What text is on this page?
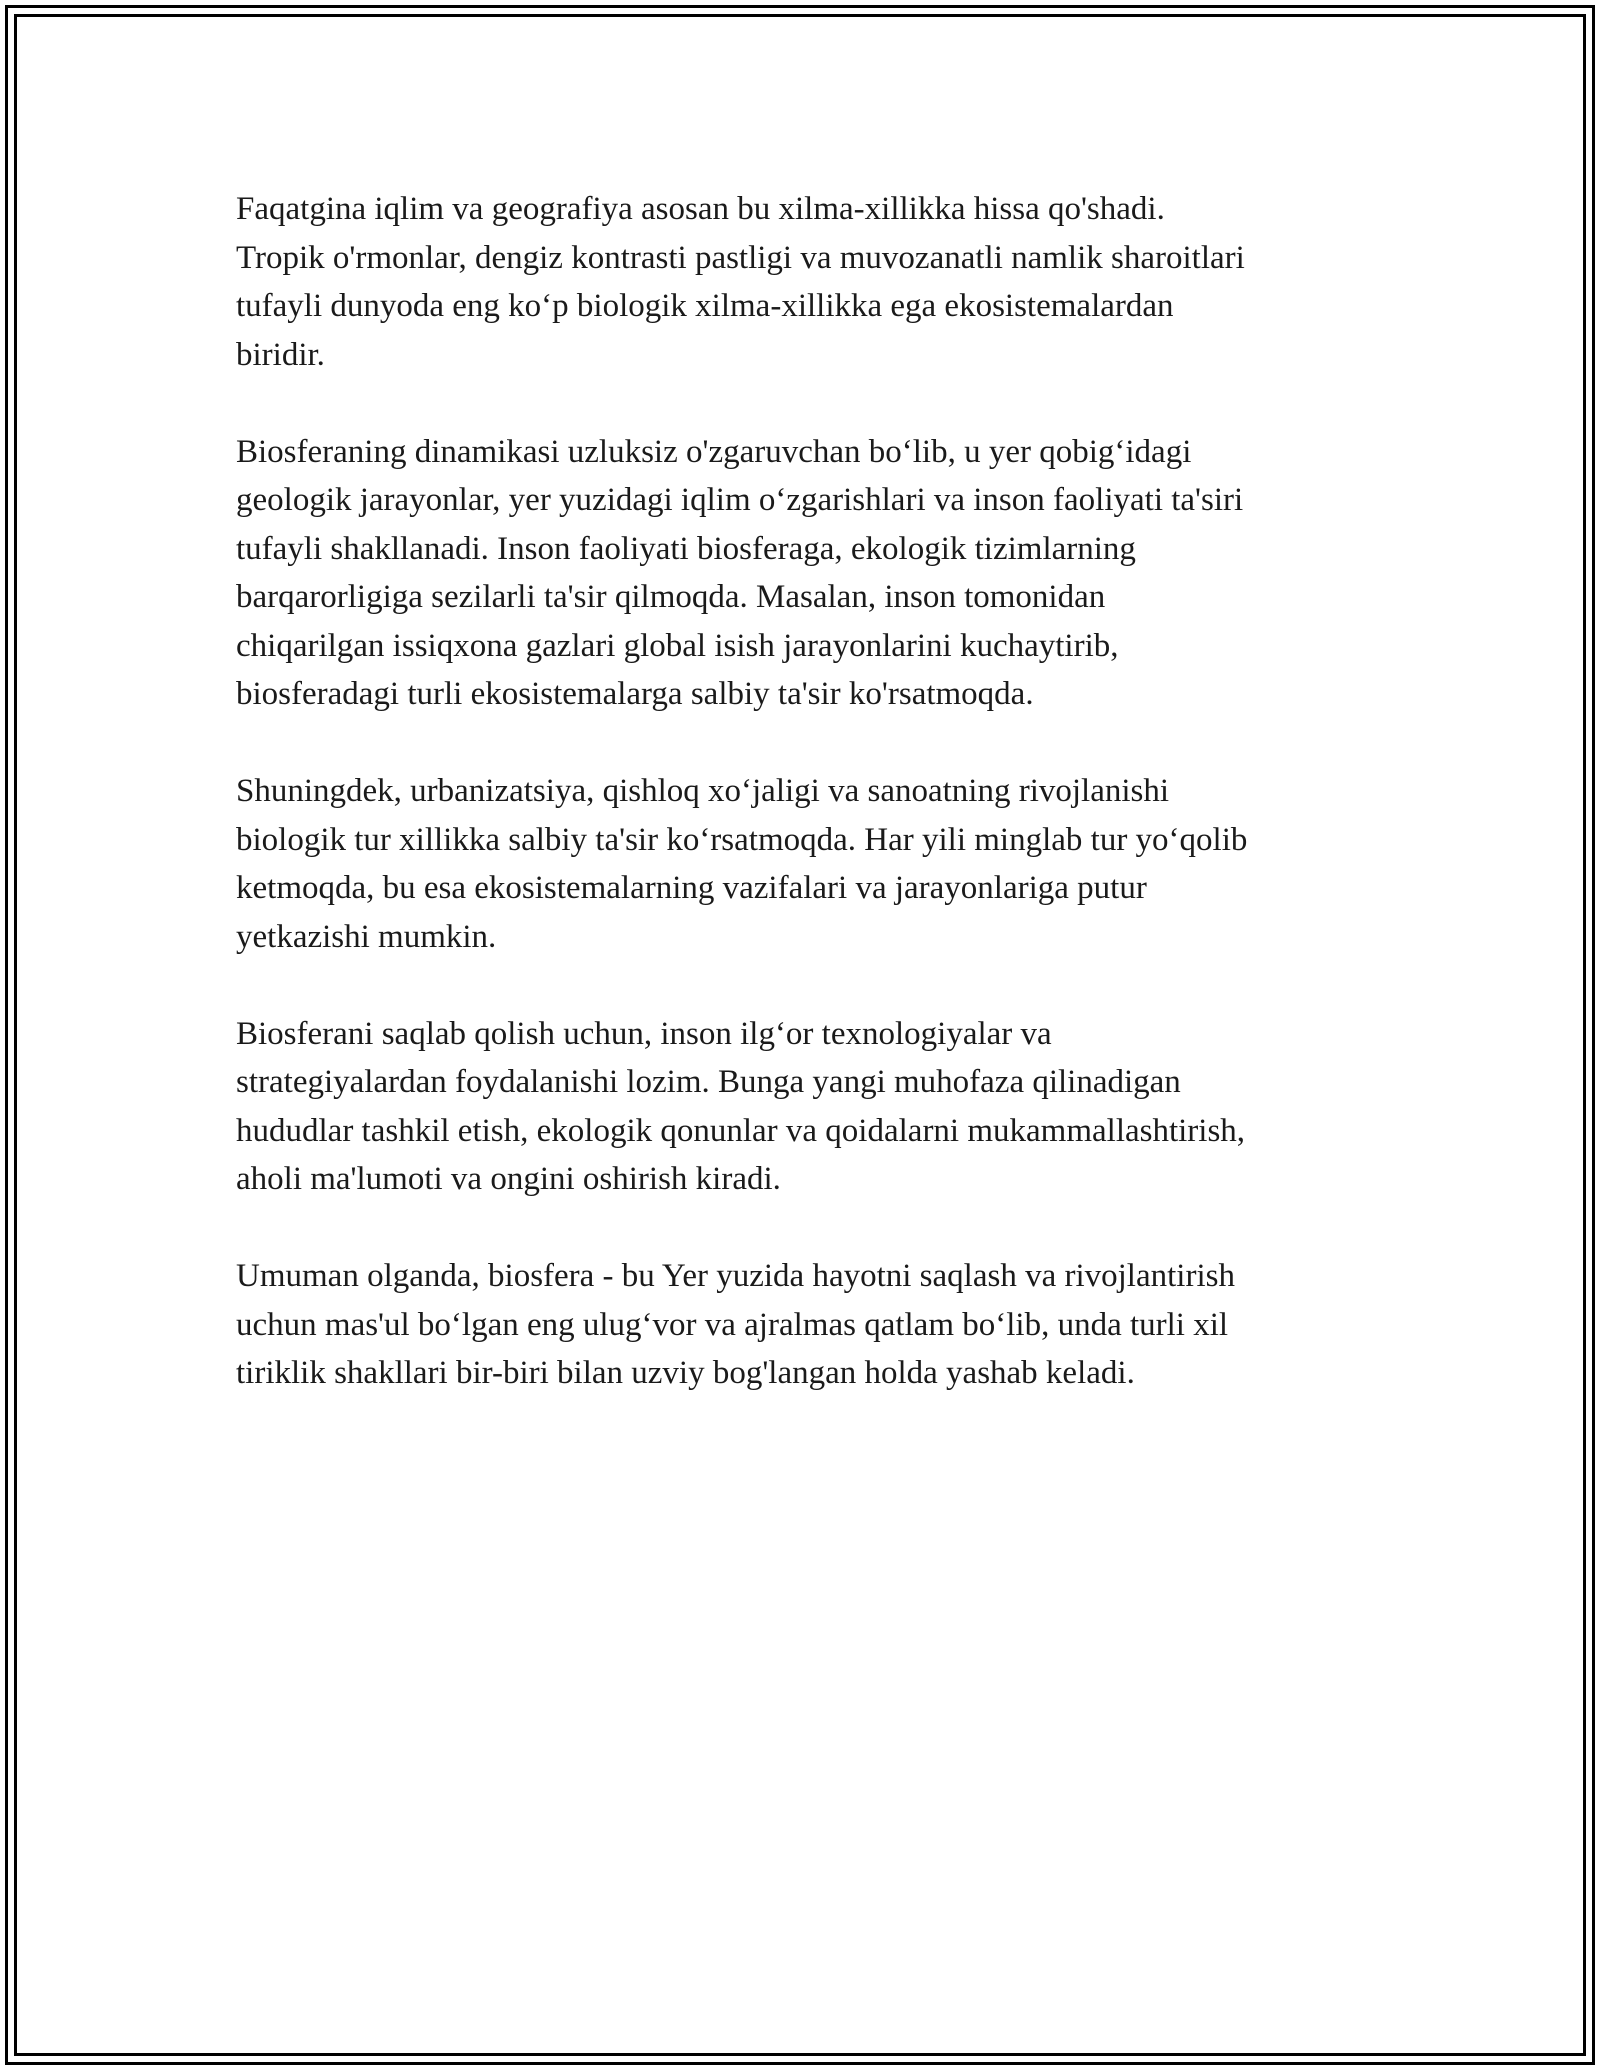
Faqatgina iqlim va geografiya asosan bu xilma-xillikka hissa qo'shadi.
Tropik o'rmonlar, dengiz kontrasti pastligi va muvozanatli namlik sharoitlari
tufayli dunyoda eng ko‘p biologik xilma-xillikka ega ekosistemalardan
biridir.

Biosferaning dinamikasi uzluksiz o'zgaruvchan bo‘lib, u yer qobig‘idagi
geologik jarayonlar, yer yuzidagi iqlim o‘zgarishlari va inson faoliyati ta'siri
tufayli shakllanadi. Inson faoliyati biosferaga, ekologik tizimlarning
barqarorligiga sezilarli ta'sir qilmoqda. Masalan, inson tomonidan
chiqarilgan issiqxona gazlari global isish jarayonlarini kuchaytirib,
biosferadagi turli ekosistemalarga salbiy ta'sir ko'rsatmoqda.

Shuningdek, urbanizatsiya, qishloq xo‘jaligi va sanoatning rivojlanishi
biologik tur xillikka salbiy ta'sir ko‘rsatmoqda. Har yili minglab tur yo‘qolib
ketmoqda, bu esa ekosistemalarning vazifalari va jarayonlariga putur
yetkazishi mumkin.

Biosferani saqlab qolish uchun, inson ilg‘or texnologiyalar va
strategiyalardan foydalanishi lozim. Bunga yangi muhofaza qilinadigan
hududlar tashkil etish, ekologik qonunlar va qoidalarni mukammallashtirish,
aholi ma'lumoti va ongini oshirish kiradi.

Umuman olganda, biosfera - bu Yer yuzida hayotni saqlash va rivojlantirish
uchun mas'ul bo‘lgan eng ulug‘vor va ajralmas qatlam bo‘lib, unda turli xil
tiriklik shakllari bir-biri bilan uzviy bog'langan holda yashab keladi.
